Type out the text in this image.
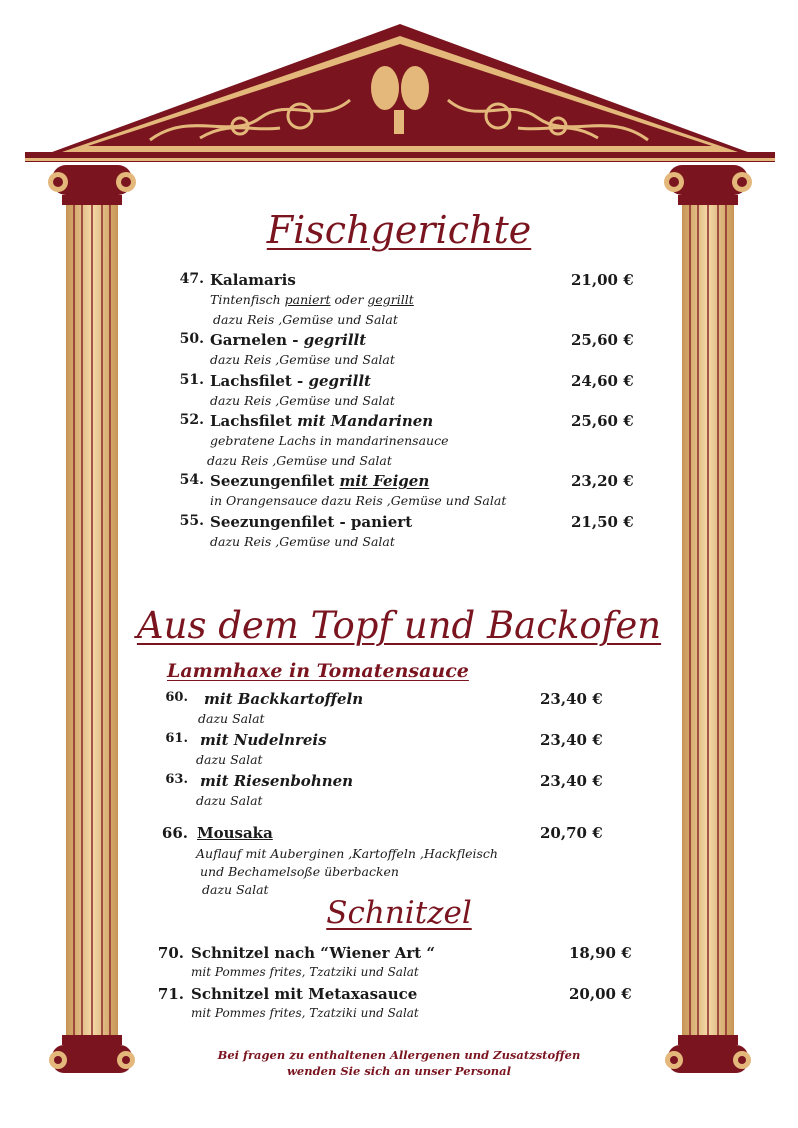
Fischgerichte
47. Kalamaris	21,00 €
Tintenfisch paniert oder gegrillt
dazu Reis ,Gemüse und Salat
50. Garnelen - gegrillt	25,60 €
dazu Reis ,Gemüse und Salat
51. Lachsfilet - gegrillt	24,60 €
dazu Reis ,Gemüse und Salat
52. Lachsfilet mit Mandarinen	25,60 €
gebratene Lachs in mandarinensauce
dazu Reis ,Gemüse und Salat
54. Seezungenfilet mit Feigen	23,20 €
in Orangensauce dazu Reis ,Gemüse und Salat
55. Seezungenfilet - paniert	21,50 €
dazu Reis ,Gemüse und Salat
Aus dem Topf und Backofen
Lammhaxe in Tomatensauce
60. mit Backkartoffeln	23,40 €
dazu Salat
61. mit Nudelnreis	23,40 €
dazu Salat
63. mit Riesenbohnen	23,40 €
dazu Salat
66. Mousaka	20,70 €
Auflauf mit Auberginen ,Kartoffeln ,Hackfleisch
und Bechamelsoße überbacken
dazu Salat
Schnitzel
70. Schnitzel nach “Wiener Art “	18,90 €
mit Pommes frites, Tzatziki und Salat
71. Schnitzel mit Metaxasauce	20,00 €
mit Pommes frites, Tzatziki und Salat
Bei fragen zu enthaltenen Allergenen und Zusatzstoffen
wenden Sie sich an unser Personal
